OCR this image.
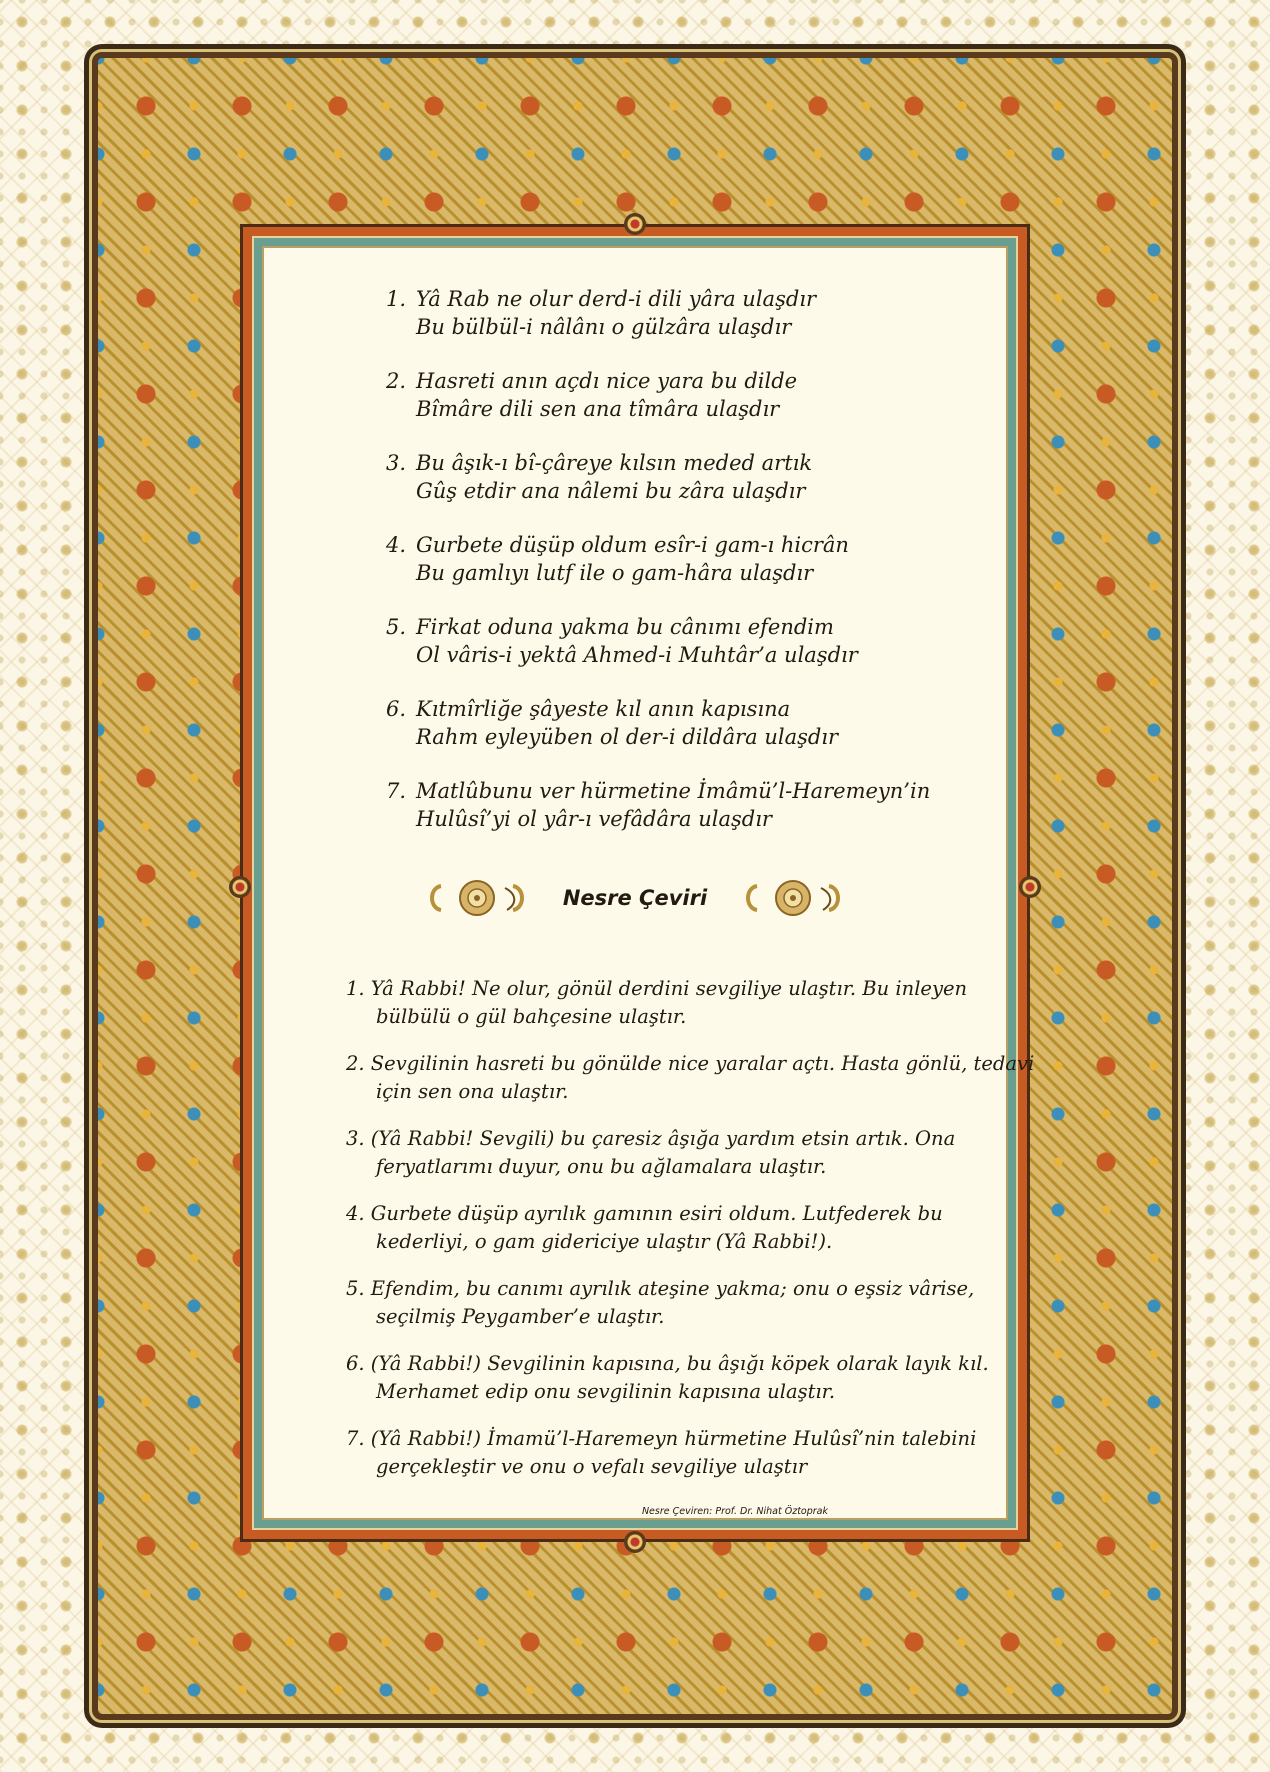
1. Yâ Rab ne olur derd-i dili yâra ulaşdır
Bu bülbül-i nâlânı o gülzâra ulaşdır
2. Hasreti anın açdı nice yara bu dilde
Bîmâre dili sen ana tîmâra ulaşdır
3. Bu âşık-ı bî-çâreye kılsın meded artık
Gûş etdir ana nâlemi bu zâra ulaşdır
4. Gurbete düşüp oldum esîr-i gam-ı hicrân
Bu gamlıyı lutf ile o gam-hâra ulaşdır
5. Firkat oduna yakma bu cânımı efendim
Ol vâris-i yektâ Ahmed-i Muhtâr’a ulaşdır
6. Kıtmîrliğe şâyeste kıl anın kapısına
Rahm eyleyüben ol der-i dildâra ulaşdır
7. Matlûbunu ver hürmetine İmâmü’l-Haremeyn’in
Hulûsî’yi ol yâr-ı vefâdâra ulaşdır
Nesre Çeviri
1. Yâ Rabbi! Ne olur, gönül derdini sevgiliye ulaştır. Bu inleyen
bülbülü o gül bahçesine ulaştır.
2. Sevgilinin hasreti bu gönülde nice yaralar açtı. Hasta gönlü, tedavi
için sen ona ulaştır.
3. (Yâ Rabbi! Sevgili) bu çaresiz âşığa yardım etsin artık. Ona
feryatlarımı duyur, onu bu ağlamalara ulaştır.
4. Gurbete düşüp ayrılık gamının esiri oldum. Lutfederek bu
kederliyi, o gam gidericiye ulaştır (Yâ Rabbi!).
5. Efendim, bu canımı ayrılık ateşine yakma; onu o eşsiz vârise,
seçilmiş Peygamber’e ulaştır.
6. (Yâ Rabbi!) Sevgilinin kapısına, bu âşığı köpek olarak layık kıl.
Merhamet edip onu sevgilinin kapısına ulaştır.
7. (Yâ Rabbi!) İmamü’l-Haremeyn hürmetine Hulûsî’nin talebini
gerçekleştir ve onu o vefalı sevgiliye ulaştır
Nesre Çeviren: Prof. Dr. Nihat Öztoprak
